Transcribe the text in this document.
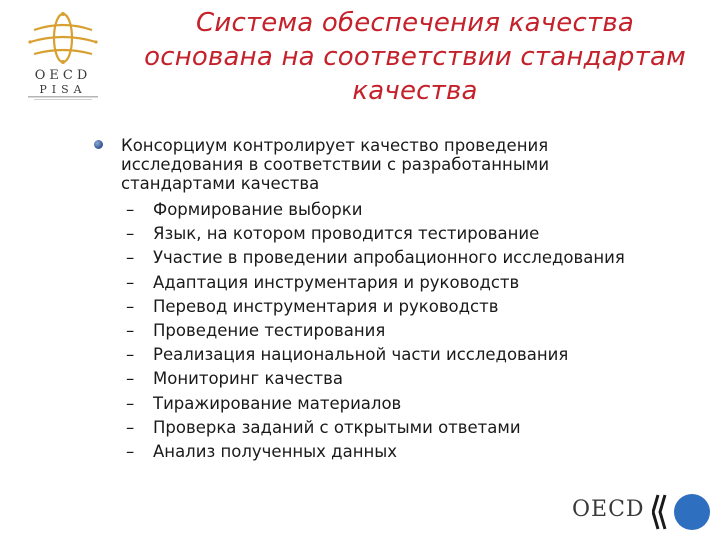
OECD
PISA
Система обеспечения качества
основана на соответствии стандартам
качества
Консорциум контролирует качество проведения
исследования в соответствии с разработанными
стандартами качества
– Формирование выборки
– Язык, на котором проводится тестирование
– Участие в проведении апробационного исследования
– Адаптация инструментария и руководств
– Перевод инструментария и руководств
– Проведение тестирования
– Реализация национальной части исследования
– Мониторинг качества
– Тиражирование материалов
– Проверка заданий с открытыми ответами
– Анализ полученных данных
OECD
